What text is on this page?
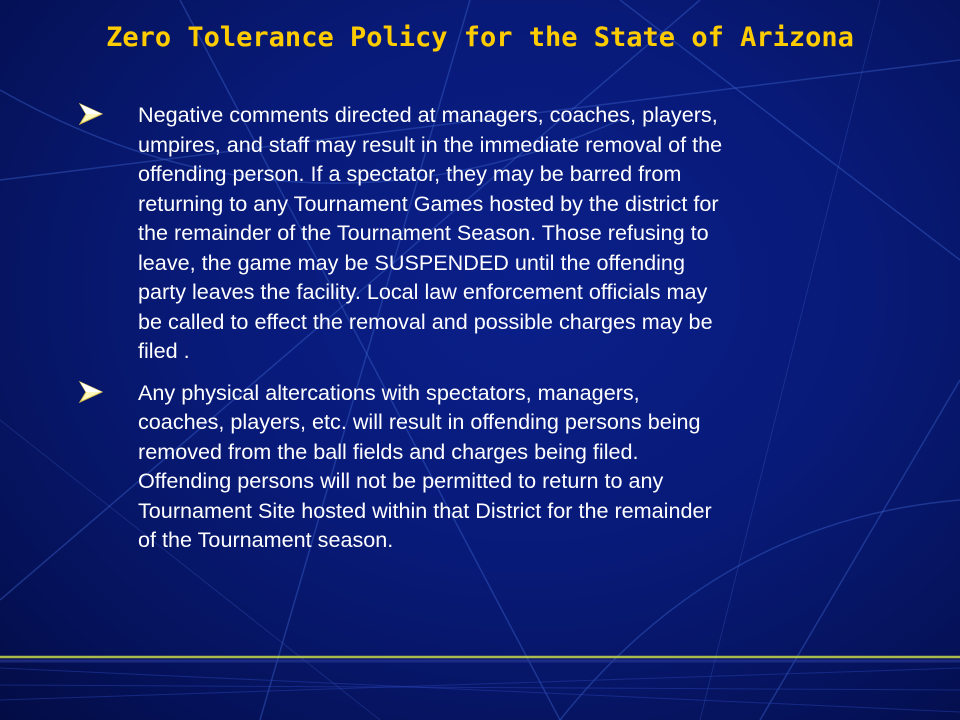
Zero Tolerance Policy for the State of Arizona
Negative comments directed at managers, coaches, players,
umpires, and staff may result in the immediate removal of the
offending person. If a spectator, they may be barred from
returning to any Tournament Games hosted by the district for
the remainder of the Tournament Season. Those refusing to
leave, the game may be SUSPENDED until the offending
party leaves the facility. Local law enforcement officials may
be called to effect the removal and possible charges may be
filed .
Any physical altercations with spectators, managers,
coaches, players, etc. will result in offending persons being
removed from the ball fields and charges being filed.
Offending persons will not be permitted to return to any
Tournament Site hosted within that District for the remainder
of the Tournament season.
